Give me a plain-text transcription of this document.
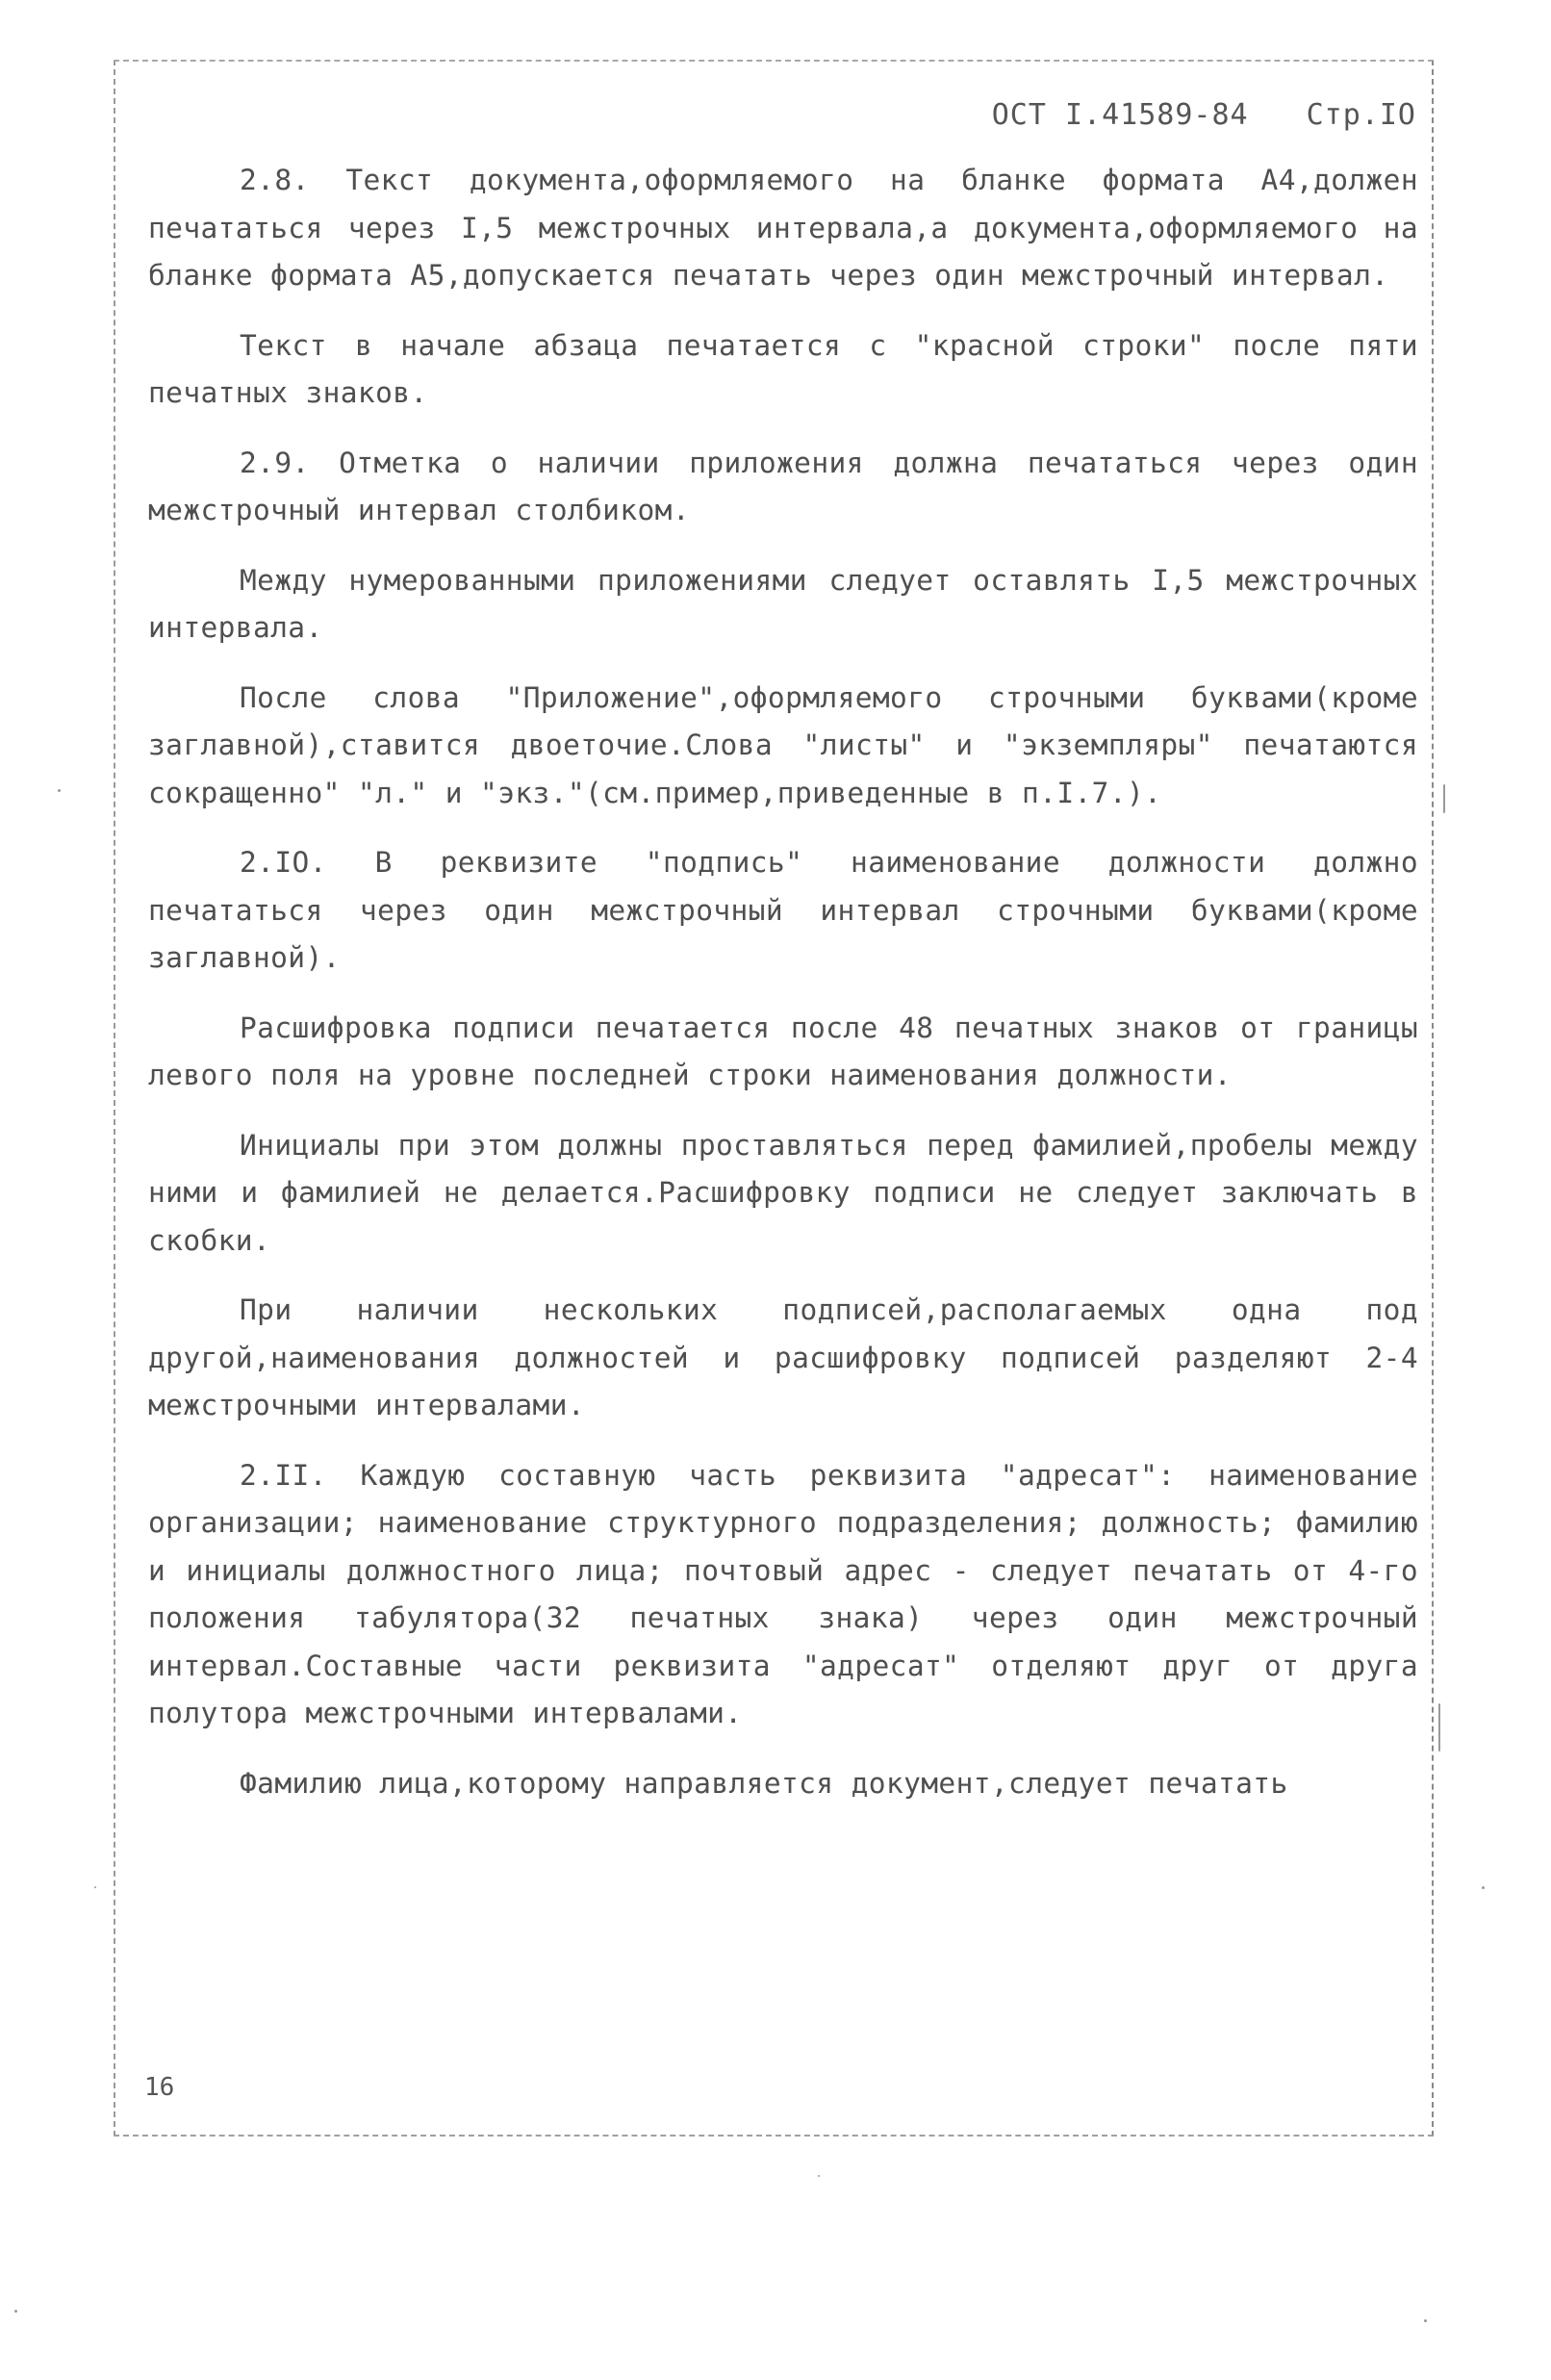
ОСТ I.41589-84 Стр.IO

2.8. Текст документа,оформляемого на бланке формата А4,должен печататься через I,5 межстрочных интервала,а документа,оформляемого на бланке формата А5,допускается печатать через один межстрочный интервал.

Текст в начале абзаца печатается с "красной строки" после пяти печатных знаков.

2.9. Отметка о наличии приложения должна печататься через один межстрочный интервал столбиком.

Между нумерованными приложениями следует оставлять I,5 межстрочных интервала.

После слова "Приложение",оформляемого строчными буквами(кроме заглавной),ставится двоеточие.Слова "листы" и "экземпляры" печатаются сокращенно" "л." и "экз."(см.пример,приведенные в п.I.7.).

2.IO. В реквизите "подпись" наименование должности должно печататься через один межстрочный интервал строчными буквами(кроме заглавной).

Расшифровка подписи печатается после 48 печатных знаков от границы левого поля на уровне последней строки наименования должности.

Инициалы при этом должны проставляться перед фамилией,пробелы между ними и фамилией не делается.Расшифровку подписи не следует заключать в скобки.

При наличии нескольких подписей,располагаемых одна под другой,наименования должностей и расшифровку подписей разделяют 2-4 межстрочными интервалами.

2.II. Каждую составную часть реквизита "адресат": наименование организации; наименование структурного подразделения; должность; фамилию и инициалы должностного лица; почтовый адрес - следует печатать от 4-го положения табулятора(32 печатных знака) через один межстрочный интервал.Составные части реквизита "адресат" отделяют друг от друга полутора межстрочными интервалами.

Фамилию лица,которому направляется документ,следует печатать

16
